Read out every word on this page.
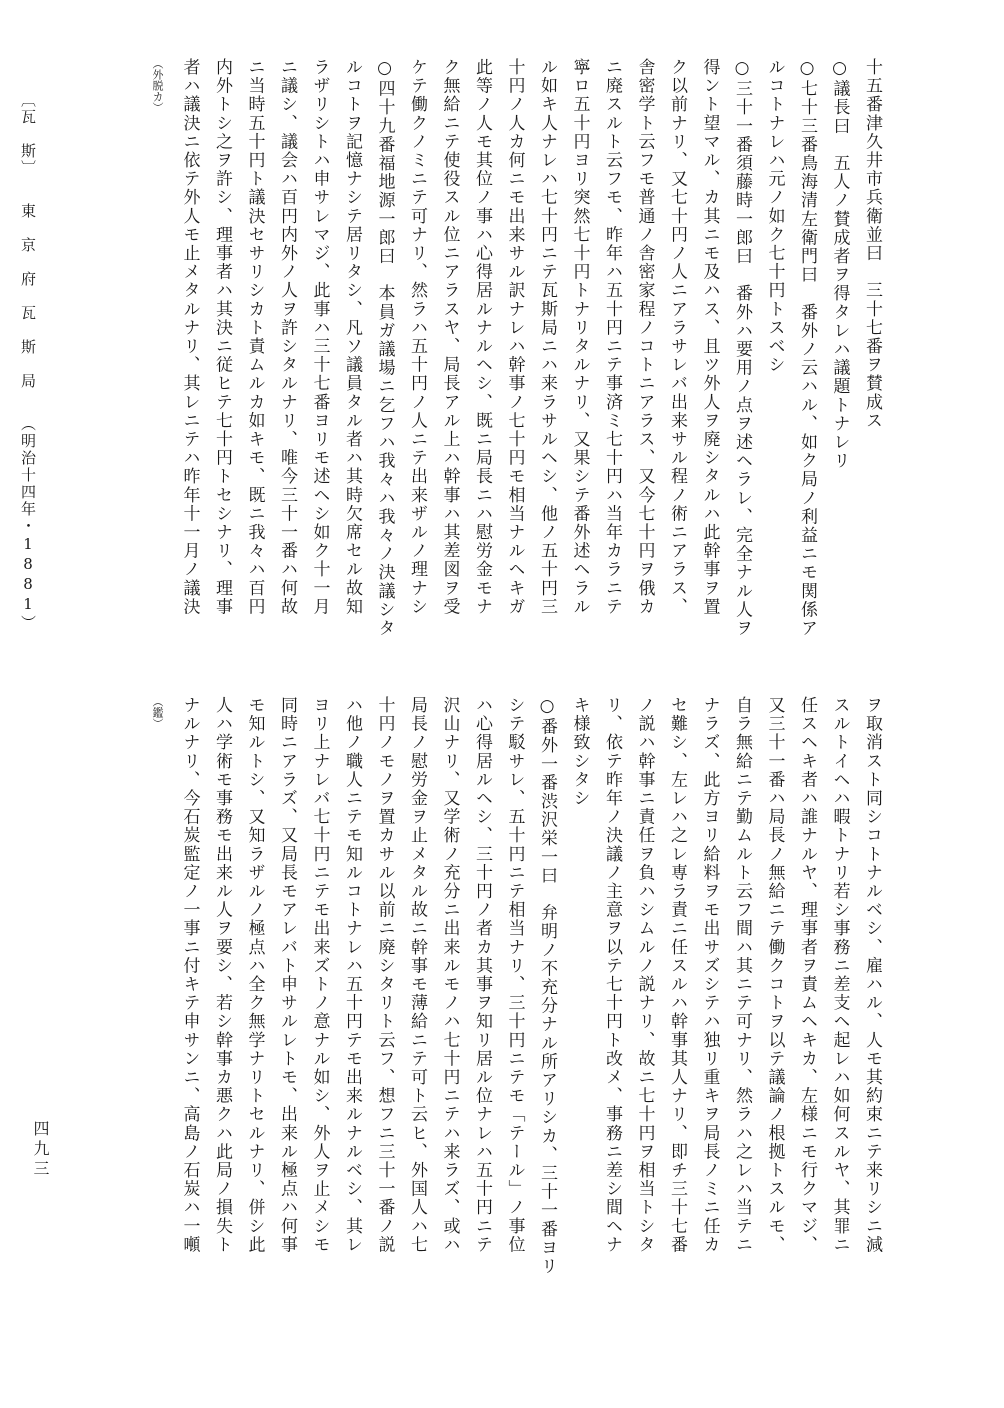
十五番津久井市兵衛並曰　三十七番ヲ賛成ス

○議長曰　五人ノ賛成者ヲ得タレハ議題トナレリ

○七十三番鳥海清左衛門曰　番外ノ云ハル、如ク局ノ利益ニモ関係ア

ルコトナレハ元ノ如ク七十円トスベシ

○三十一番須藤時一郎曰　番外ハ要用ノ点ヲ述ヘラレ、完全ナル人ヲ

得ント望マル、カ其ニモ及ハス、且ツ外人ヲ廃シタルハ此幹事ヲ置

ク以前ナリ、又七十円ノ人ニアラサレバ出来サル程ノ術ニアラス、

舎密学ト云フモ普通ノ舎密家程ノコトニアラス、又今七十円ヲ俄カ

ニ廃スルト云フモ、昨年ハ五十円ニテ事済ミ七十円ハ当年カラニテ

寧ロ五十円ヨリ突然七十円トナリタルナリ、又果シテ番外述ヘラル

ル如キ人ナレハ七十円ニテ瓦斯局ニハ来ラサルヘシ、他ノ五十円三

十円ノ人カ何ニモ出来サル訳ナレハ幹事ノ七十円モ相当ナルヘキガ

此等ノ人モ其位ノ事ハ心得居ルナルヘシ、既ニ局長ニハ慰労金モナ

ク無給ニテ使役スル位ニアラスヤ、局長アル上ハ幹事ハ其差図ヲ受

ケテ働クノミニテ可ナリ、然ラハ五十円ノ人ニテ出来ザルノ理ナシ

○四十九番福地源一郎曰　本員ガ議場ニ乞フハ我々ハ我々ノ決議シタ

ルコトヲ記憶ナシテ居リタシ、凡ソ議員タル者ハ其時欠席セル故知

ラザリシトハ申サレマジ、此事ハ三十七番ヨリモ述ヘシ如ク十一月

ニ議シ、議会ハ百円内外ノ人ヲ許シタルナリ、唯今三十一番ハ何故

ニ当時五十円ト議決セサリシカト責ムルカ如キモ、既ニ我々ハ百円

内外トシ之ヲ許シ、理事者ハ其決ニ従ヒテ七十円トセシナリ、理事

者ハ議決ニ依テ外人モ止メタルナリ、其レニテハ昨年十一月ノ議決

（外脱カ）

ヲ取消スト同シコトナルベシ、雇ハル、人モ其約束ニテ来リシニ減

スルトイヘハ暇トナリ若シ事務ニ差支ヘ起レハ如何スルヤ、其罪ニ

任スヘキ者ハ誰ナルヤ、理事者ヲ責ムヘキカ、左様ニモ行クマジ、

又三十一番ハ局長ノ無給ニテ働クコトヲ以テ議論ノ根拠トスルモ、

自ラ無給ニテ勤ムルト云フ間ハ其ニテ可ナリ、然ラハ之レハ当テニ

ナラズ、此方ヨリ給料ヲモ出サズシテハ独リ重キヲ局長ノミニ任カ

セ難シ、左レハ之レ専ラ責ニ任スルハ幹事其人ナリ、即チ三十七番

ノ説ハ幹事ニ責任ヲ負ハシムルノ説ナリ、故ニ七十円ヲ相当トシタ

リ、依テ昨年ノ決議ノ主意ヲ以テ七十円ト改メ、事務ニ差シ間ヘナ

キ様致シタシ

○番外一番渋沢栄一曰　弁明ノ不充分ナル所アリシカ、三十一番ヨリ

シテ駁サレ、五十円ニテ相当ナリ、三十円ニテモ「テール」ノ事位

ハ心得居ルヘシ、三十円ノ者カ其事ヲ知リ居ル位ナレハ五十円ニテ

沢山ナリ、又学術ノ充分ニ出来ルモノハ七十円ニテハ来ラズ、或ハ

局長ノ慰労金ヲ止メタル故ニ幹事モ薄給ニテ可ト云ヒ、外国人ハ七

十円ノモノヲ置カサル以前ニ廃シタリト云フ、想フニ三十一番ノ説

ハ他ノ職人ニテモ知ルコトナレハ五十円テモ出来ルナルベシ、其レ

ヨリ上ナレバ七十円ニテモ出来ズトノ意ナル如シ、外人ヲ止メシモ

同時ニアラズ、又局長モアレバト申サルレトモ、出来ル極点ハ何事

モ知ルトシ、又知ラザルノ極点ハ全ク無学ナリトセルナリ、併シ此

人ハ学術モ事務モ出来ル人ヲ要シ、若シ幹事カ悪クハ此局ノ損失ト

ナルナリ、今石炭監定ノ一事ニ付キテ申サンニ、高島ノ石炭ハ一噸

（鑑）

〔瓦　斯〕東　京　府　瓦　斯　局（明治十四年・1881）
四九三
